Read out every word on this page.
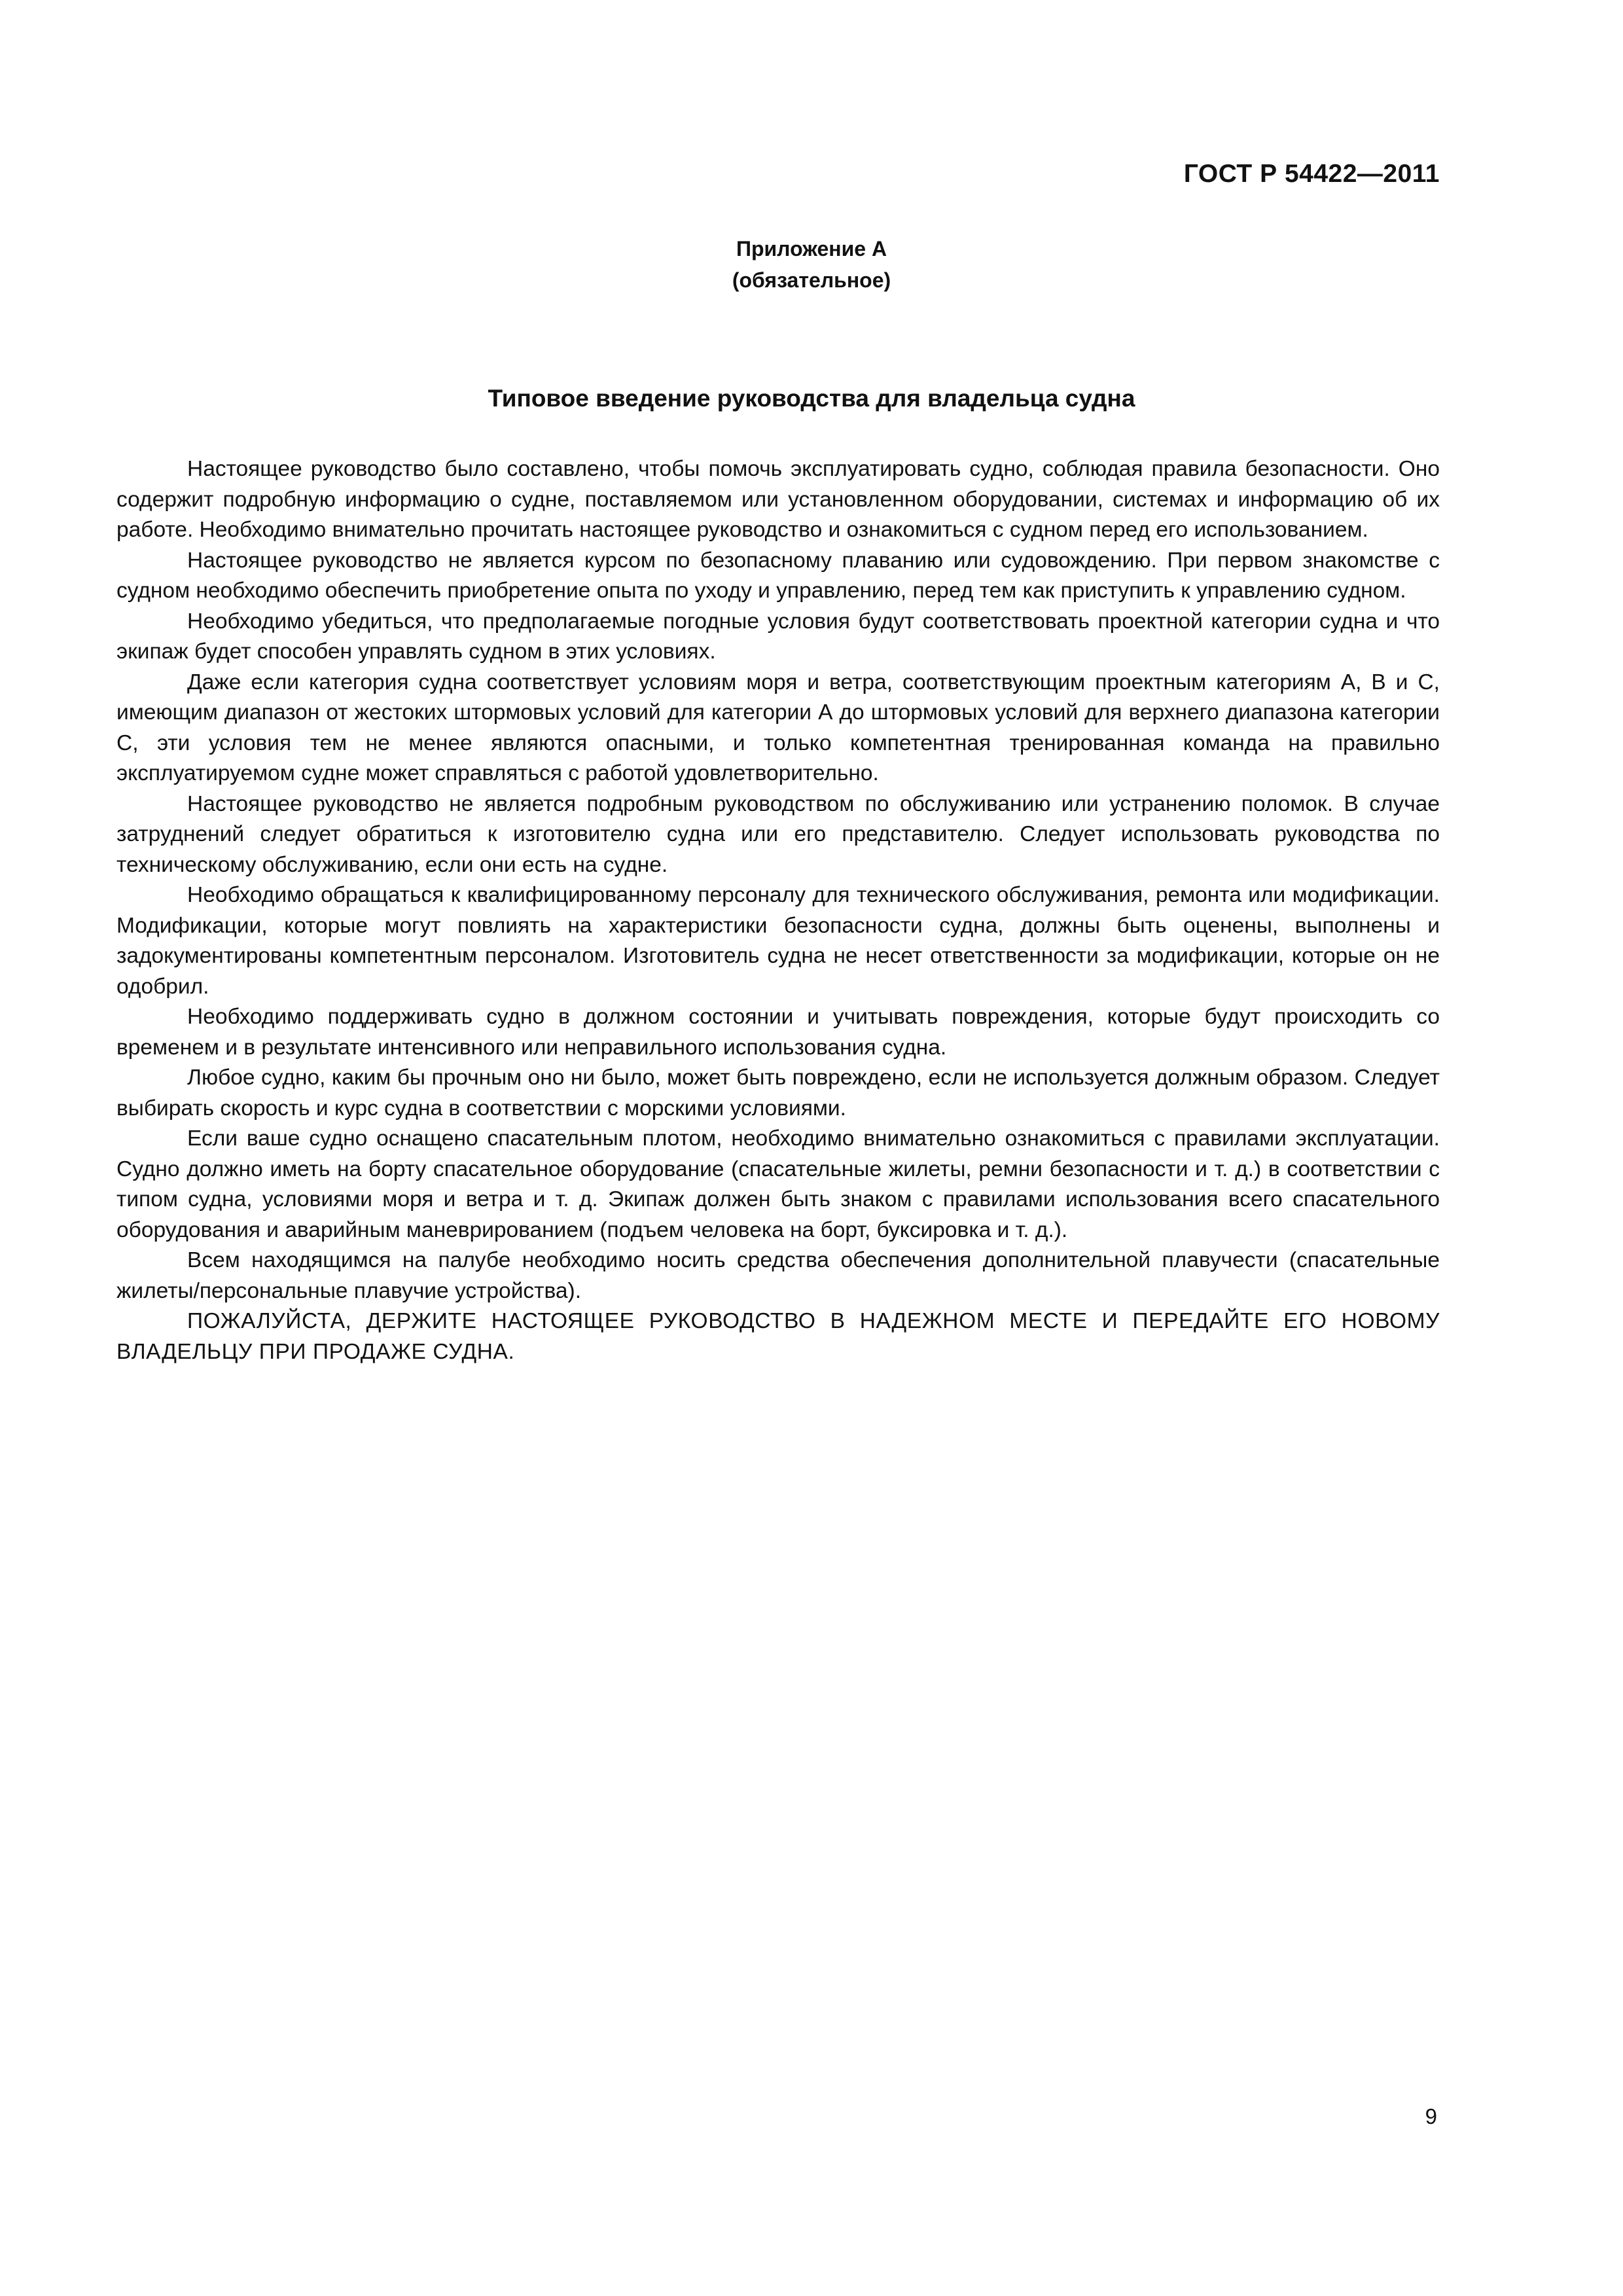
ГОСТ Р 54422—2011
Приложение А
(обязательное)
Типовое введение руководства для владельца судна

Настоящее руководство было составлено, чтобы помочь эксплуатировать судно, соблюдая правила безопасности. Оно содержит подробную информацию о судне, поставляемом или установленном оборудовании, системах и информацию об их работе. Необходимо внимательно прочитать настоящее руководство и ознакомиться с судном перед его использованием.

Настоящее руководство не является курсом по безопасному плаванию или судовождению. При первом знакомстве с судном необходимо обеспечить приобретение опыта по уходу и управлению, перед тем как приступить к управлению судном.

Необходимо убедиться, что предполагаемые погодные условия будут соответствовать проектной категории судна и что экипаж будет способен управлять судном в этих условиях.

Даже если категория судна соответствует условиям моря и ветра, соответствующим проектным категориям А, В и С, имеющим диапазон от жестоких штормовых условий для категории А до штормовых условий для верхнего диапазона категории С, эти условия тем не менее являются опасными, и только компетентная тренированная команда на правильно эксплуатируемом судне может справляться с работой удовлетворительно.

Настоящее руководство не является подробным руководством по обслуживанию или устранению поломок. В случае затруднений следует обратиться к изготовителю судна или его представителю. Следует использовать руководства по техническому обслуживанию, если они есть на судне.

Необходимо обращаться к квалифицированному персоналу для технического обслуживания, ремонта или модификации. Модификации, которые могут повлиять на характеристики безопасности судна, должны быть оценены, выполнены и задокументированы компетентным персоналом. Изготовитель судна не несет ответственности за модификации, которые он не одобрил.

Необходимо поддерживать судно в должном состоянии и учитывать повреждения, которые будут происходить со временем и в результате интенсивного или неправильного использования судна.

Любое судно, каким бы прочным оно ни было, может быть повреждено, если не используется должным образом. Следует выбирать скорость и курс судна в соответствии с морскими условиями.

Если ваше судно оснащено спасательным плотом, необходимо внимательно ознакомиться с правилами эксплуатации. Судно должно иметь на борту спасательное оборудование (спасательные жилеты, ремни безопасности и т. д.) в соответствии с типом судна, условиями моря и ветра и т. д. Экипаж должен быть знаком с правилами использования всего спасательного оборудования и аварийным маневрированием (подъем человека на борт, буксировка и т. д.).

Всем находящимся на палубе необходимо носить средства обеспечения дополнительной плавучести (спасательные жилеты/персональные плавучие устройства).

ПОЖАЛУЙСТА, ДЕРЖИТЕ НАСТОЯЩЕЕ РУКОВОДСТВО В НАДЕЖНОМ МЕСТЕ И ПЕРЕДАЙТЕ ЕГО НОВОМУ ВЛАДЕЛЬЦУ ПРИ ПРОДАЖЕ СУДНА.

9
